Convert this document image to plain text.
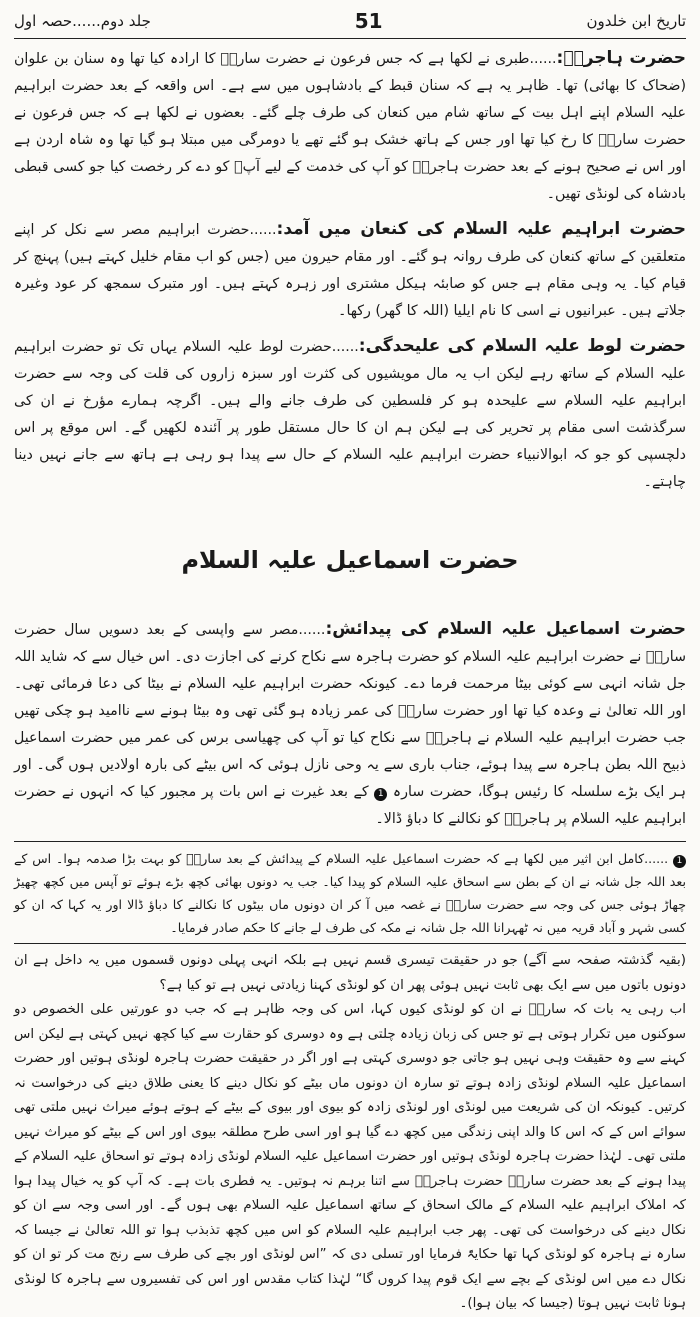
تاریخ ابن خلدون
51
جلد دوم......حصہ اول

حضرت ہاجرہؓ:......طبری نے لکھا ہے کہ جس فرعون نے حضرت سارہؓ کا ارادہ کیا تھا وہ سنان بن علوان (ضحاک کا بھائی) تھا۔ ظاہر یہ ہے کہ سنان قبط کے بادشاہوں میں سے ہے۔ اس واقعہ کے بعد حضرت ابراہیم علیہ السلام اپنے اہل بیت کے ساتھ شام میں کنعان کی طرف چلے گئے۔ بعضوں نے لکھا ہے کہ جس فرعون نے حضرت سارہؓ کا رخ کیا تھا اور جس کے ہاتھ خشک ہو گئے تھے یا دومرگی میں مبتلا ہو گیا تھا وہ شاہ اردن ہے اور اس نے صحیح ہونے کے بعد حضرت ہاجرہؓ کو آپ کی خدمت کے لیے آپؑ کو دے کر رخصت کیا جو کسی قبطی بادشاہ کی لونڈی تھیں۔

حضرت ابراہیم علیہ السلام کی کنعان میں آمد:......حضرت ابراہیم مصر سے نکل کر اپنے متعلقین کے ساتھ کنعان کی طرف روانہ ہو گئے۔ اور مقام حیرون میں (جس کو اب مقام خلیل کہتے ہیں) پہنچ کر قیام کیا۔ یہ وہی مقام ہے جس کو صابئہ ہیکل مشتری اور زہرہ کہتے ہیں۔ اور متبرک سمجھ کر عود وغیرہ جلاتے ہیں۔ عبرانیوں نے اسی کا نام ایلیا (اللہ کا گھر) رکھا۔

حضرت لوط علیہ السلام کی علیحدگی:......حضرت لوط علیہ السلام یہاں تک تو حضرت ابراہیم علیہ السلام کے ساتھ رہے لیکن اب یہ مال مویشیوں کی کثرت اور سبزہ زاروں کی قلت کی وجہ سے حضرت ابراہیم علیہ السلام سے علیحدہ ہو کر فلسطین کی طرف جانے والے ہیں۔ اگرچہ ہمارے مؤرخ نے ان کی سرگذشت اسی مقام پر تحریر کی ہے لیکن ہم ان کا حال مستقل طور پر آئندہ لکھیں گے۔ اس موقع پر اس دلچسپی کو جو کہ ابوالانبیاء حضرت ابراہیم علیہ السلام کے حال سے پیدا ہو رہی ہے ہاتھ سے جانے نہیں دینا چاہتے۔

حضرت اسماعیل علیہ السلام

حضرت اسماعیل علیہ السلام کی پیدائش:......مصر سے واپسی کے بعد دسویں سال حضرت سارہؓ نے حضرت ابراہیم علیہ السلام کو حضرت ہاجرہ سے نکاح کرنے کی اجازت دی۔ اس خیال سے کہ شاید اللہ جل شانہ انہی سے کوئی بیٹا مرحمت فرما دے۔ کیونکہ حضرت ابراہیم علیہ السلام نے بیٹا کی دعا فرمائی تھی۔ اور اللہ تعالیٰ نے وعدہ کیا تھا اور حضرت سارہؓ کی عمر زیادہ ہو گئی تھی وہ بیٹا ہونے سے ناامید ہو چکی تھیں جب حضرت ابراہیم علیہ السلام نے ہاجرہؓ سے نکاح کیا تو آپ کی چھیاسی برس کی عمر میں حضرت اسماعیل ذبیح اللہ بطن ہاجرہ سے پیدا ہوئے، جناب باری سے یہ وحی نازل ہوئی کہ اس بیٹے کی بارہ اولادیں ہوں گی۔ اور ہر ایک بڑے سلسلہ کا رئیس ہوگا، حضرت سارہ 1 کے بعد غیرت نے اس بات پر مجبور کیا کہ انہوں نے حضرت ابراہیم علیہ السلام پر ہاجرہؓ کو نکالنے کا دباؤ ڈالا۔

1 ......کامل ابن اثیر میں لکھا ہے کہ حضرت اسماعیل علیہ السلام کے پیدائش کے بعد سارہؓ کو بہت بڑا صدمہ ہوا۔ اس کے بعد اللہ جل شانہ نے ان کے بطن سے اسحاق علیہ السلام کو پیدا کیا۔ جب یہ دونوں بھائی کچھ بڑے ہوئے تو آپس میں کچھ چھیڑ چھاڑ ہوئی جس کی وجہ سے حضرت سارہؓ نے غصہ میں آ کر ان دونوں ماں بیٹوں کا نکالنے کا دباؤ ڈالا اور یہ کہا کہ ان کو کسی شہر و آباد قریہ میں نہ ٹھہرانا اللہ جل شانہ نے مکہ کی طرف لے جانے کا حکم صادر فرمایا۔

(بقیہ گذشتہ صفحہ سے آگے) جو در حقیقت تیسری قسم نہیں ہے بلکہ انہی پہلی دونوں قسموں میں یہ داخل ہے ان دونوں باتوں میں سے ایک بھی ثابت نہیں ہوئی پھر ان کو لونڈی کہنا زیادتی نہیں ہے تو کیا ہے؟

اب رہی یہ بات کہ سارہؓ نے ان کو لونڈی کیوں کہا، اس کی وجہ ظاہر ہے کہ جب دو عورتیں علی الخصوص دو سوکنوں میں تکرار ہوتی ہے تو جس کی زبان زیادہ چلتی ہے وہ دوسری کو حقارت سے کیا کچھ نہیں کہتی ہے لیکن اس کہنے سے وہ حقیقت وہی نہیں ہو جاتی جو دوسری کہتی ہے اور اگر در حقیقت حضرت ہاجرہ لونڈی ہوتیں اور حضرت اسماعیل علیہ السلام لونڈی زادہ ہوتے تو سارہ ان دونوں ماں بیٹے کو نکال دینے کا یعنی طلاق دینے کی درخواست نہ کرتیں۔ کیونکہ ان کی شریعت میں لونڈی اور لونڈی زادہ کو بیوی اور بیوی کے بیٹے کے ہوتے ہوئے میراث نہیں ملتی تھی سوائے اس کے کہ اس کا والد اپنی زندگی میں کچھ دے گیا ہو اور اسی طرح مطلقہ بیوی اور اس کے بیٹے کو میراث نہیں ملتی تھی۔ لہٰذا حضرت ہاجرہ لونڈی ہوتیں اور حضرت اسماعیل علیہ السلام لونڈی زادہ ہوتے تو اسحاق علیہ السلام کے پیدا ہونے کے بعد حضرت سارہؓ حضرت ہاجرہؓ سے اتنا برہم نہ ہوتیں۔ یہ فطری بات ہے۔ کہ آپ کو یہ خیال پیدا ہوا کہ املاک ابراہیم علیہ السلام کے مالک اسحاق کے ساتھ اسماعیل علیہ السلام بھی ہوں گے۔ اور اسی وجہ سے ان کو نکال دینے کی درخواست کی تھی۔ پھر جب ابراہیم علیہ السلام کو اس میں کچھ تذبذب ہوا تو اللہ تعالیٰ نے جیسا کہ سارہ نے ہاجرہ کو لونڈی کہا تھا حکایۃً فرمایا اور تسلی دی کہ ”اس لونڈی اور بچے کی طرف سے رنج مت کر تو ان کو نکال دے میں اس لونڈی کے بچے سے ایک قوم پیدا کروں گا“ لہٰذا کتاب مقدس اور اس کی تفسیروں سے ہاجرہ کا لونڈی ہونا ثابت نہیں ہوتا (جیسا کہ بیان ہوا)۔
